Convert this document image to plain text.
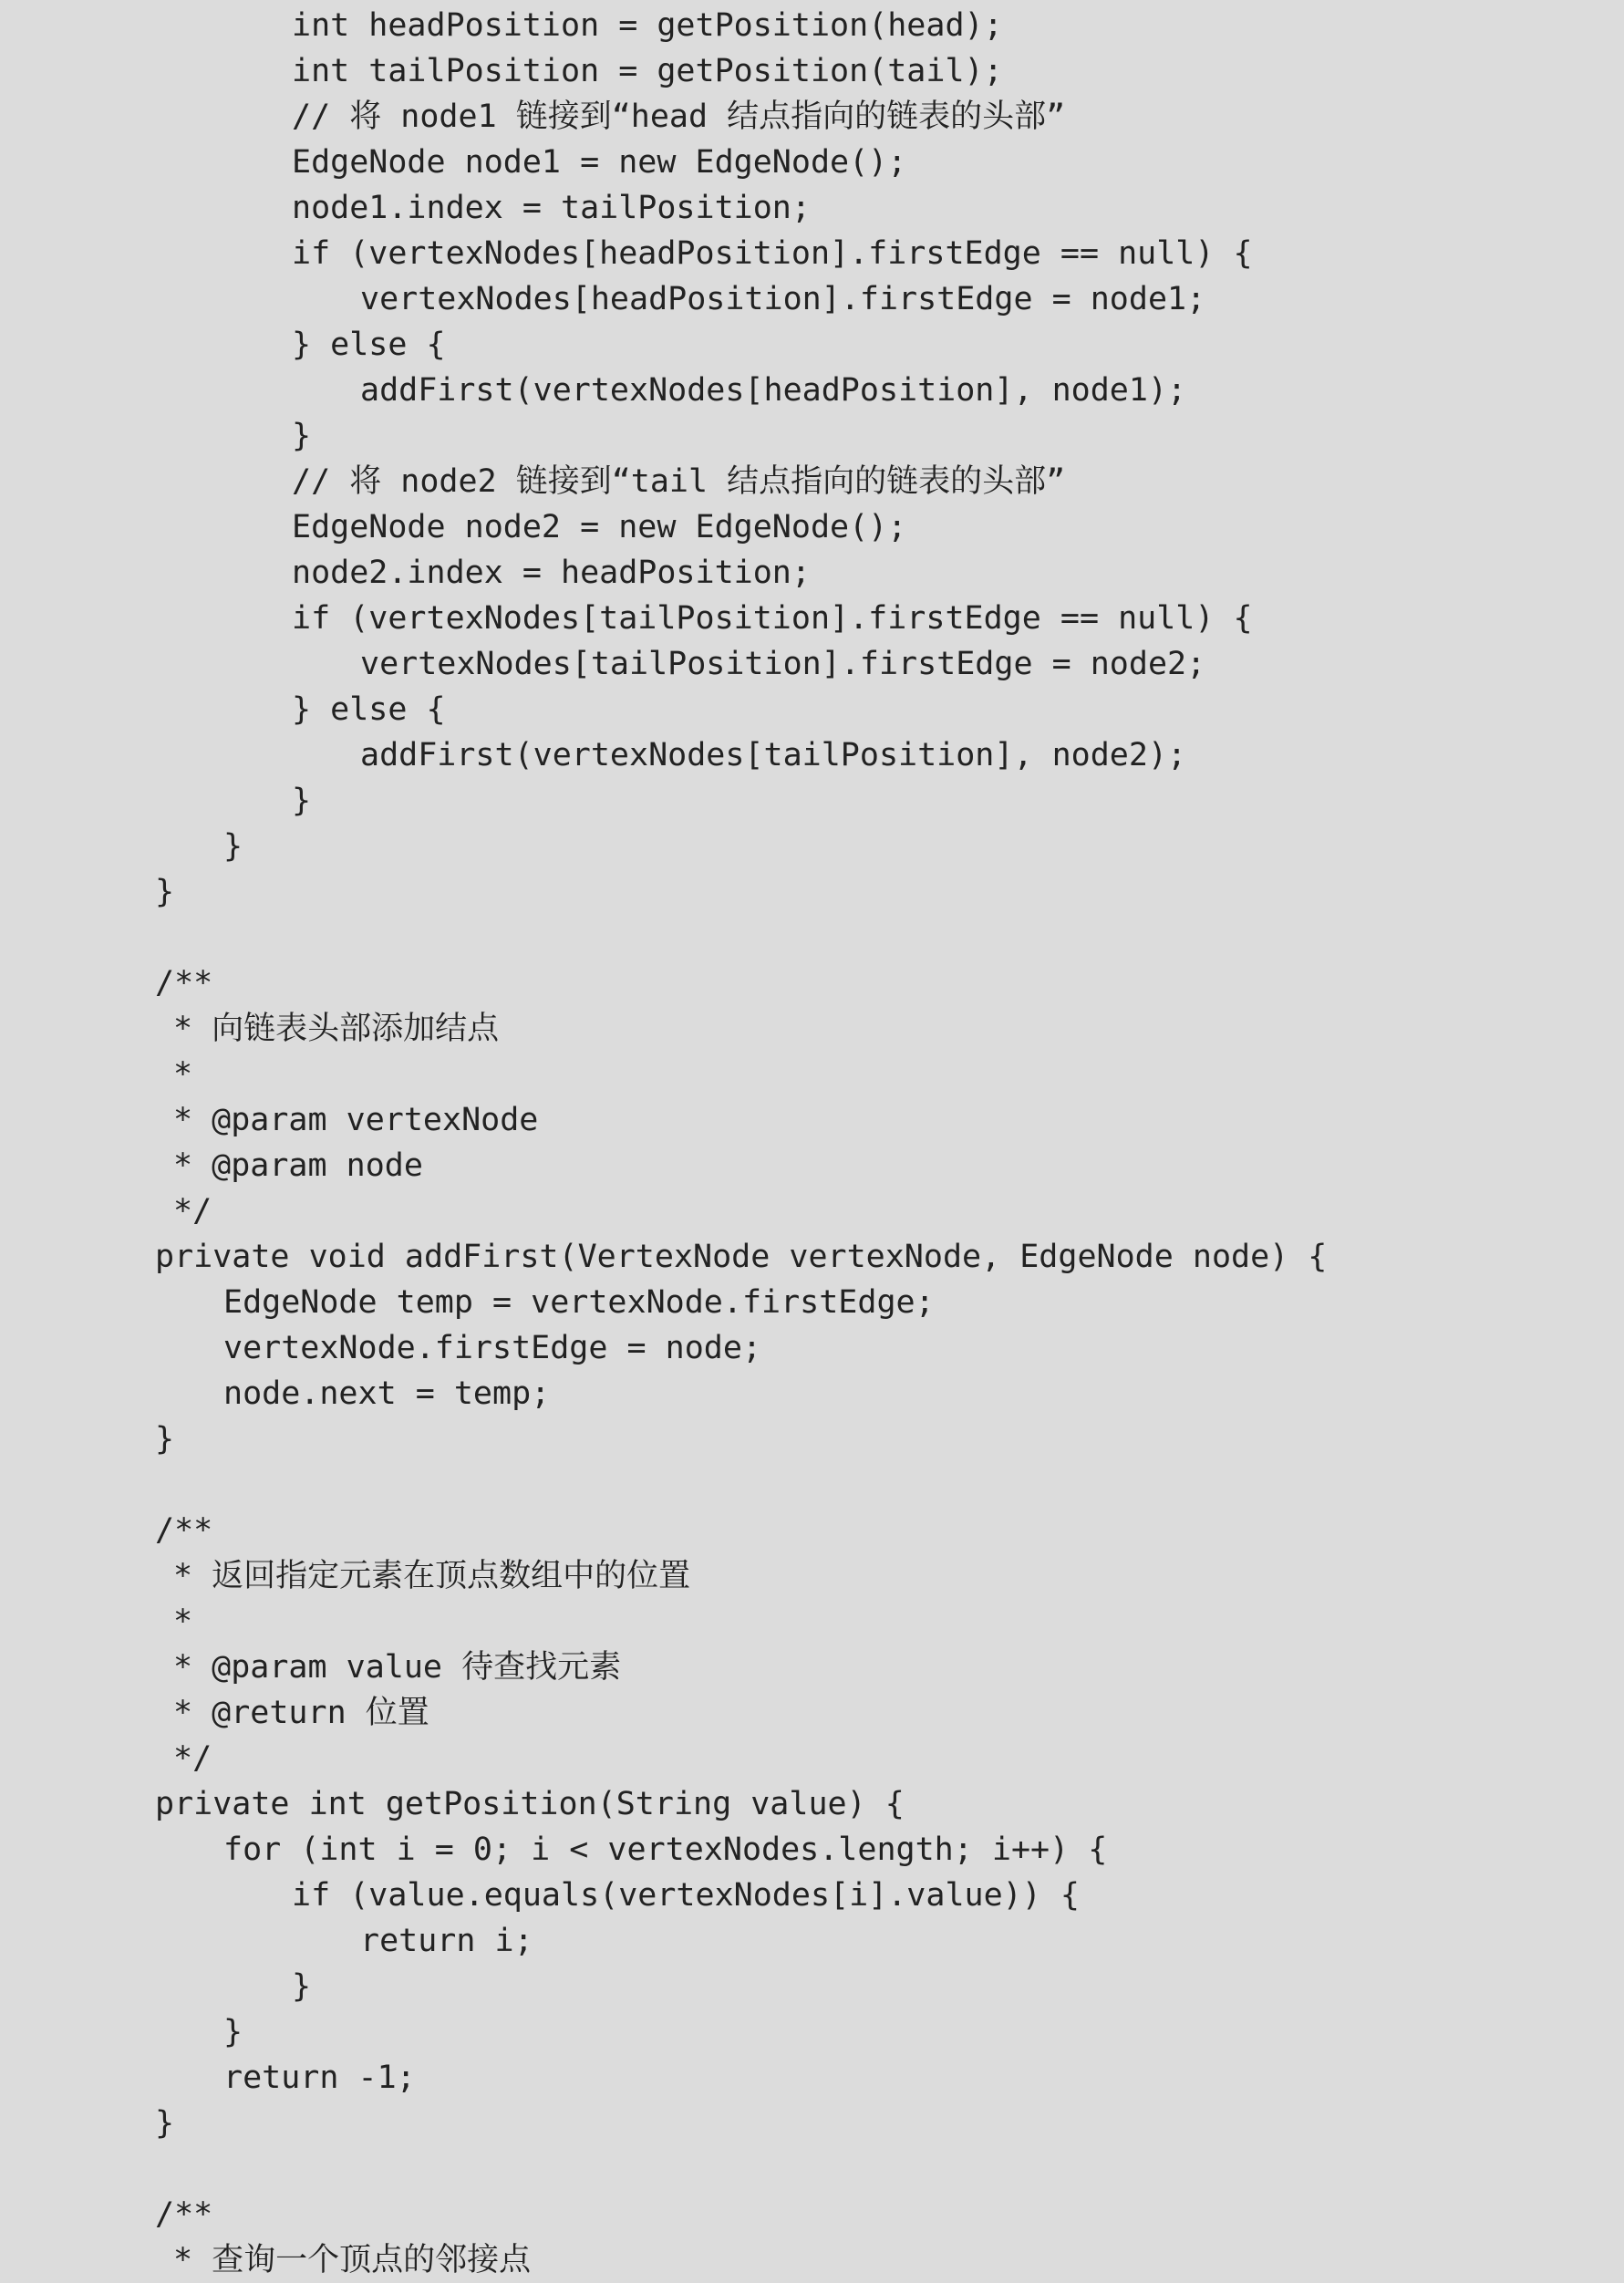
int headPosition = getPosition(head);
int tailPosition = getPosition(tail);
// 将 node1 链接到“head 结点指向的链表的头部”
EdgeNode node1 = new EdgeNode();
node1.index = tailPosition;
if (vertexNodes[headPosition].firstEdge == null) {
vertexNodes[headPosition].firstEdge = node1;
} else {
addFirst(vertexNodes[headPosition], node1);
}
// 将 node2 链接到“tail 结点指向的链表的头部”
EdgeNode node2 = new EdgeNode();
node2.index = headPosition;
if (vertexNodes[tailPosition].firstEdge == null) {
vertexNodes[tailPosition].firstEdge = node2;
} else {
addFirst(vertexNodes[tailPosition], node2);
}
}
}
/**
* 向链表头部添加结点
*
* @param vertexNode
* @param node
*/
private void addFirst(VertexNode vertexNode, EdgeNode node) {
EdgeNode temp = vertexNode.firstEdge;
vertexNode.firstEdge = node;
node.next = temp;
}
/**
* 返回指定元素在顶点数组中的位置
*
* @param value 待查找元素
* @return 位置
*/
private int getPosition(String value) {
for (int i = 0; i < vertexNodes.length; i++) {
if (value.equals(vertexNodes[i].value)) {
return i;
}
}
return -1;
}
/**
* 查询一个顶点的邻接点
